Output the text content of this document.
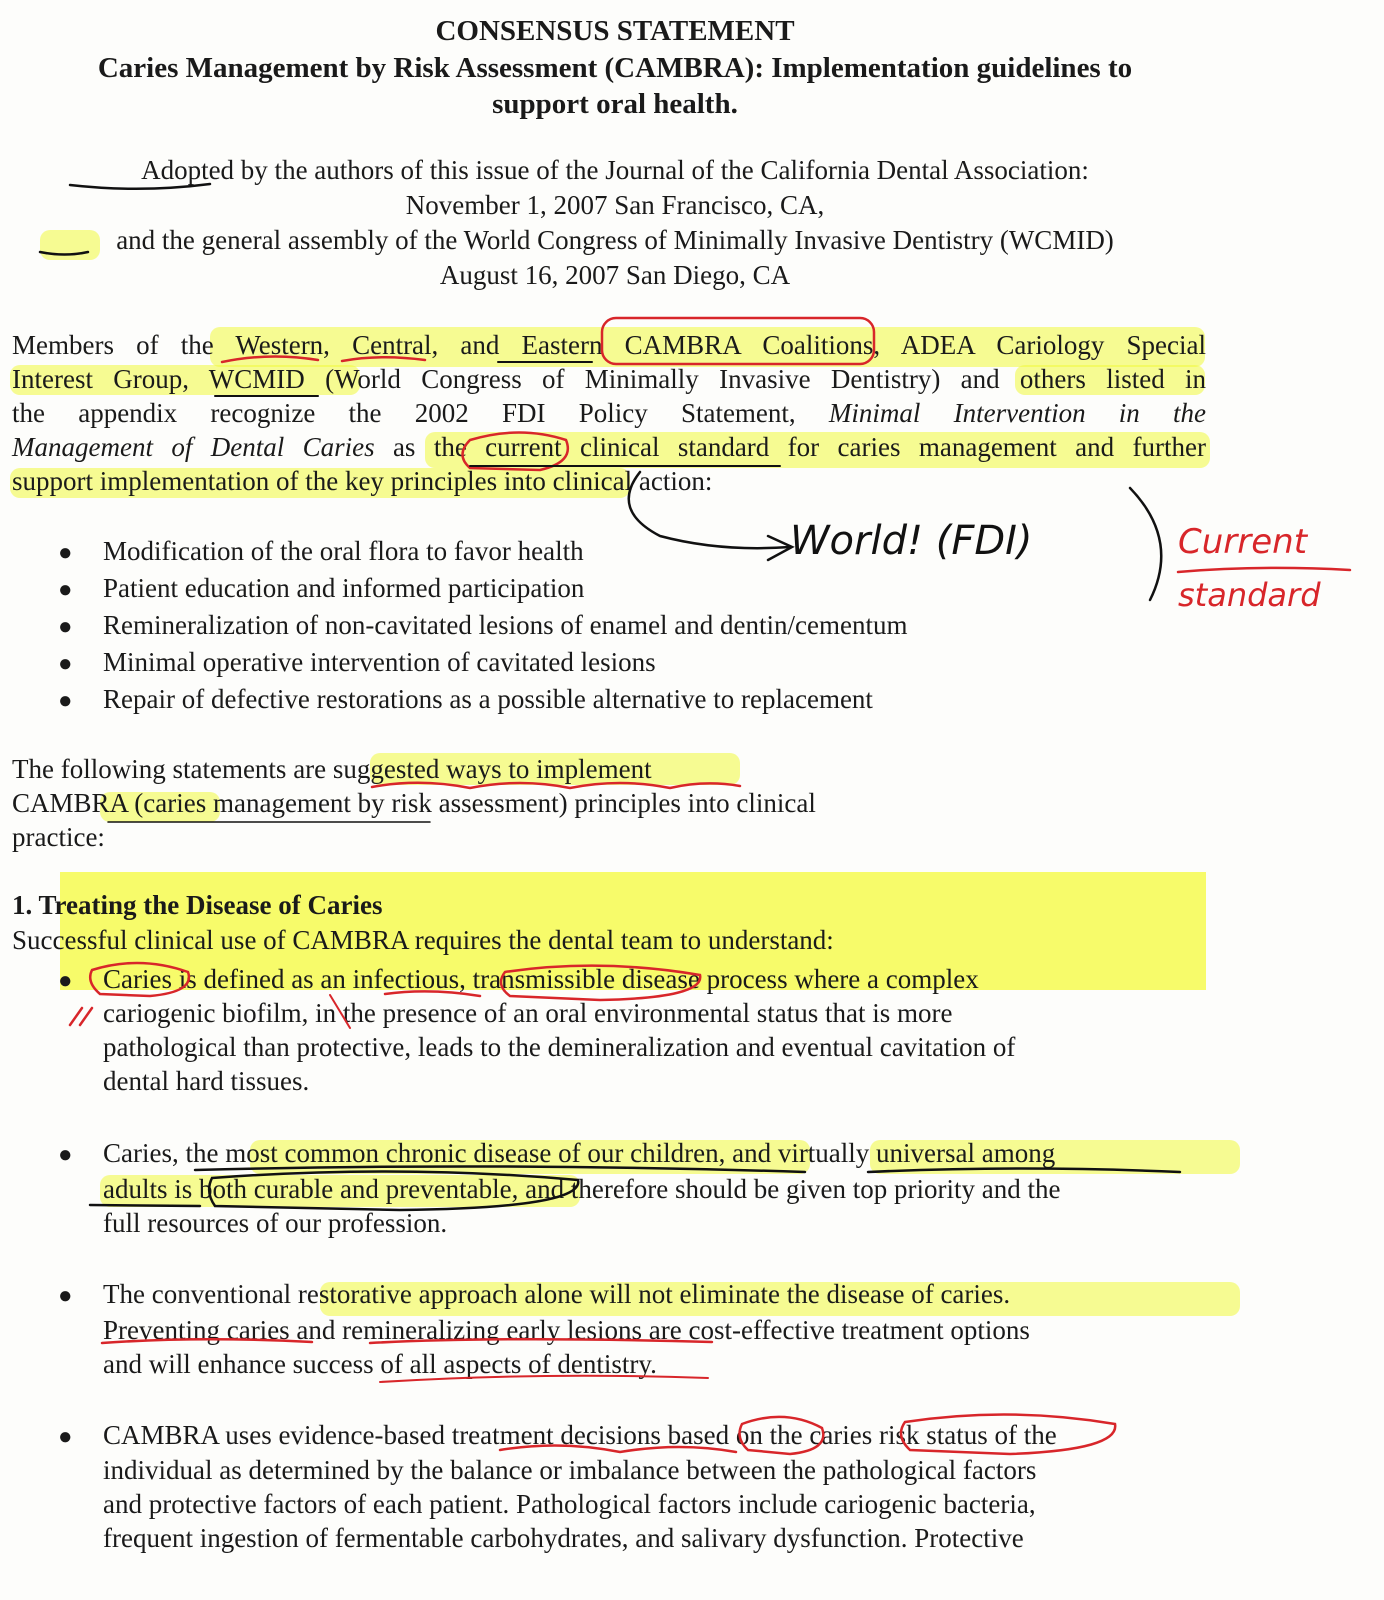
CONSENSUS STATEMENT
Caries Management by Risk Assessment (CAMBRA): Implementation guidelines to
support oral health.
Adopted by the authors of this issue of the Journal of the California Dental Association:
November 1, 2007 San Francisco, CA,
and the general assembly of the World Congress of Minimally Invasive Dentistry (WCMID)
August 16, 2007 San Diego, CA
Members of the Western, Central, and Eastern CAMBRA Coalitions, ADEA Cariology Special
Interest Group, WCMID (World Congress of Minimally Invasive Dentistry) and others listed in
the appendix recognize the 2002 FDI Policy Statement, Minimal Intervention in the
Management of Dental Caries as the current clinical standard for caries management and further
support implementation of the key principles into clinical action:
● Modification of the oral flora to favor health
● Patient education and informed participation
● Remineralization of non-cavitated lesions of enamel and dentin/cementum
● Minimal operative intervention of cavitated lesions
● Repair of defective restorations as a possible alternative to replacement
The following statements are suggested ways to implement
CAMBRA (caries management by risk assessment) principles into clinical
practice:
1. Treating the Disease of Caries
Successful clinical use of CAMBRA requires the dental team to understand:
● Caries is defined as an infectious, transmissible disease process where a complex
cariogenic biofilm, in the presence of an oral environmental status that is more
pathological than protective, leads to the demineralization and eventual cavitation of
dental hard tissues.
● Caries, the most common chronic disease of our children, and virtually universal among
adults is both curable and preventable, and therefore should be given top priority and the
full resources of our profession.
● The conventional restorative approach alone will not eliminate the disease of caries.
Preventing caries and remineralizing early lesions are cost-effective treatment options
and will enhance success of all aspects of dentistry.
● CAMBRA uses evidence-based treatment decisions based on the caries risk status of the
individual as determined by the balance or imbalance between the pathological factors
and protective factors of each patient. Pathological factors include cariogenic bacteria,
frequent ingestion of fermentable carbohydrates, and salivary dysfunction. Protective
World! (FDI)	Current
standard
